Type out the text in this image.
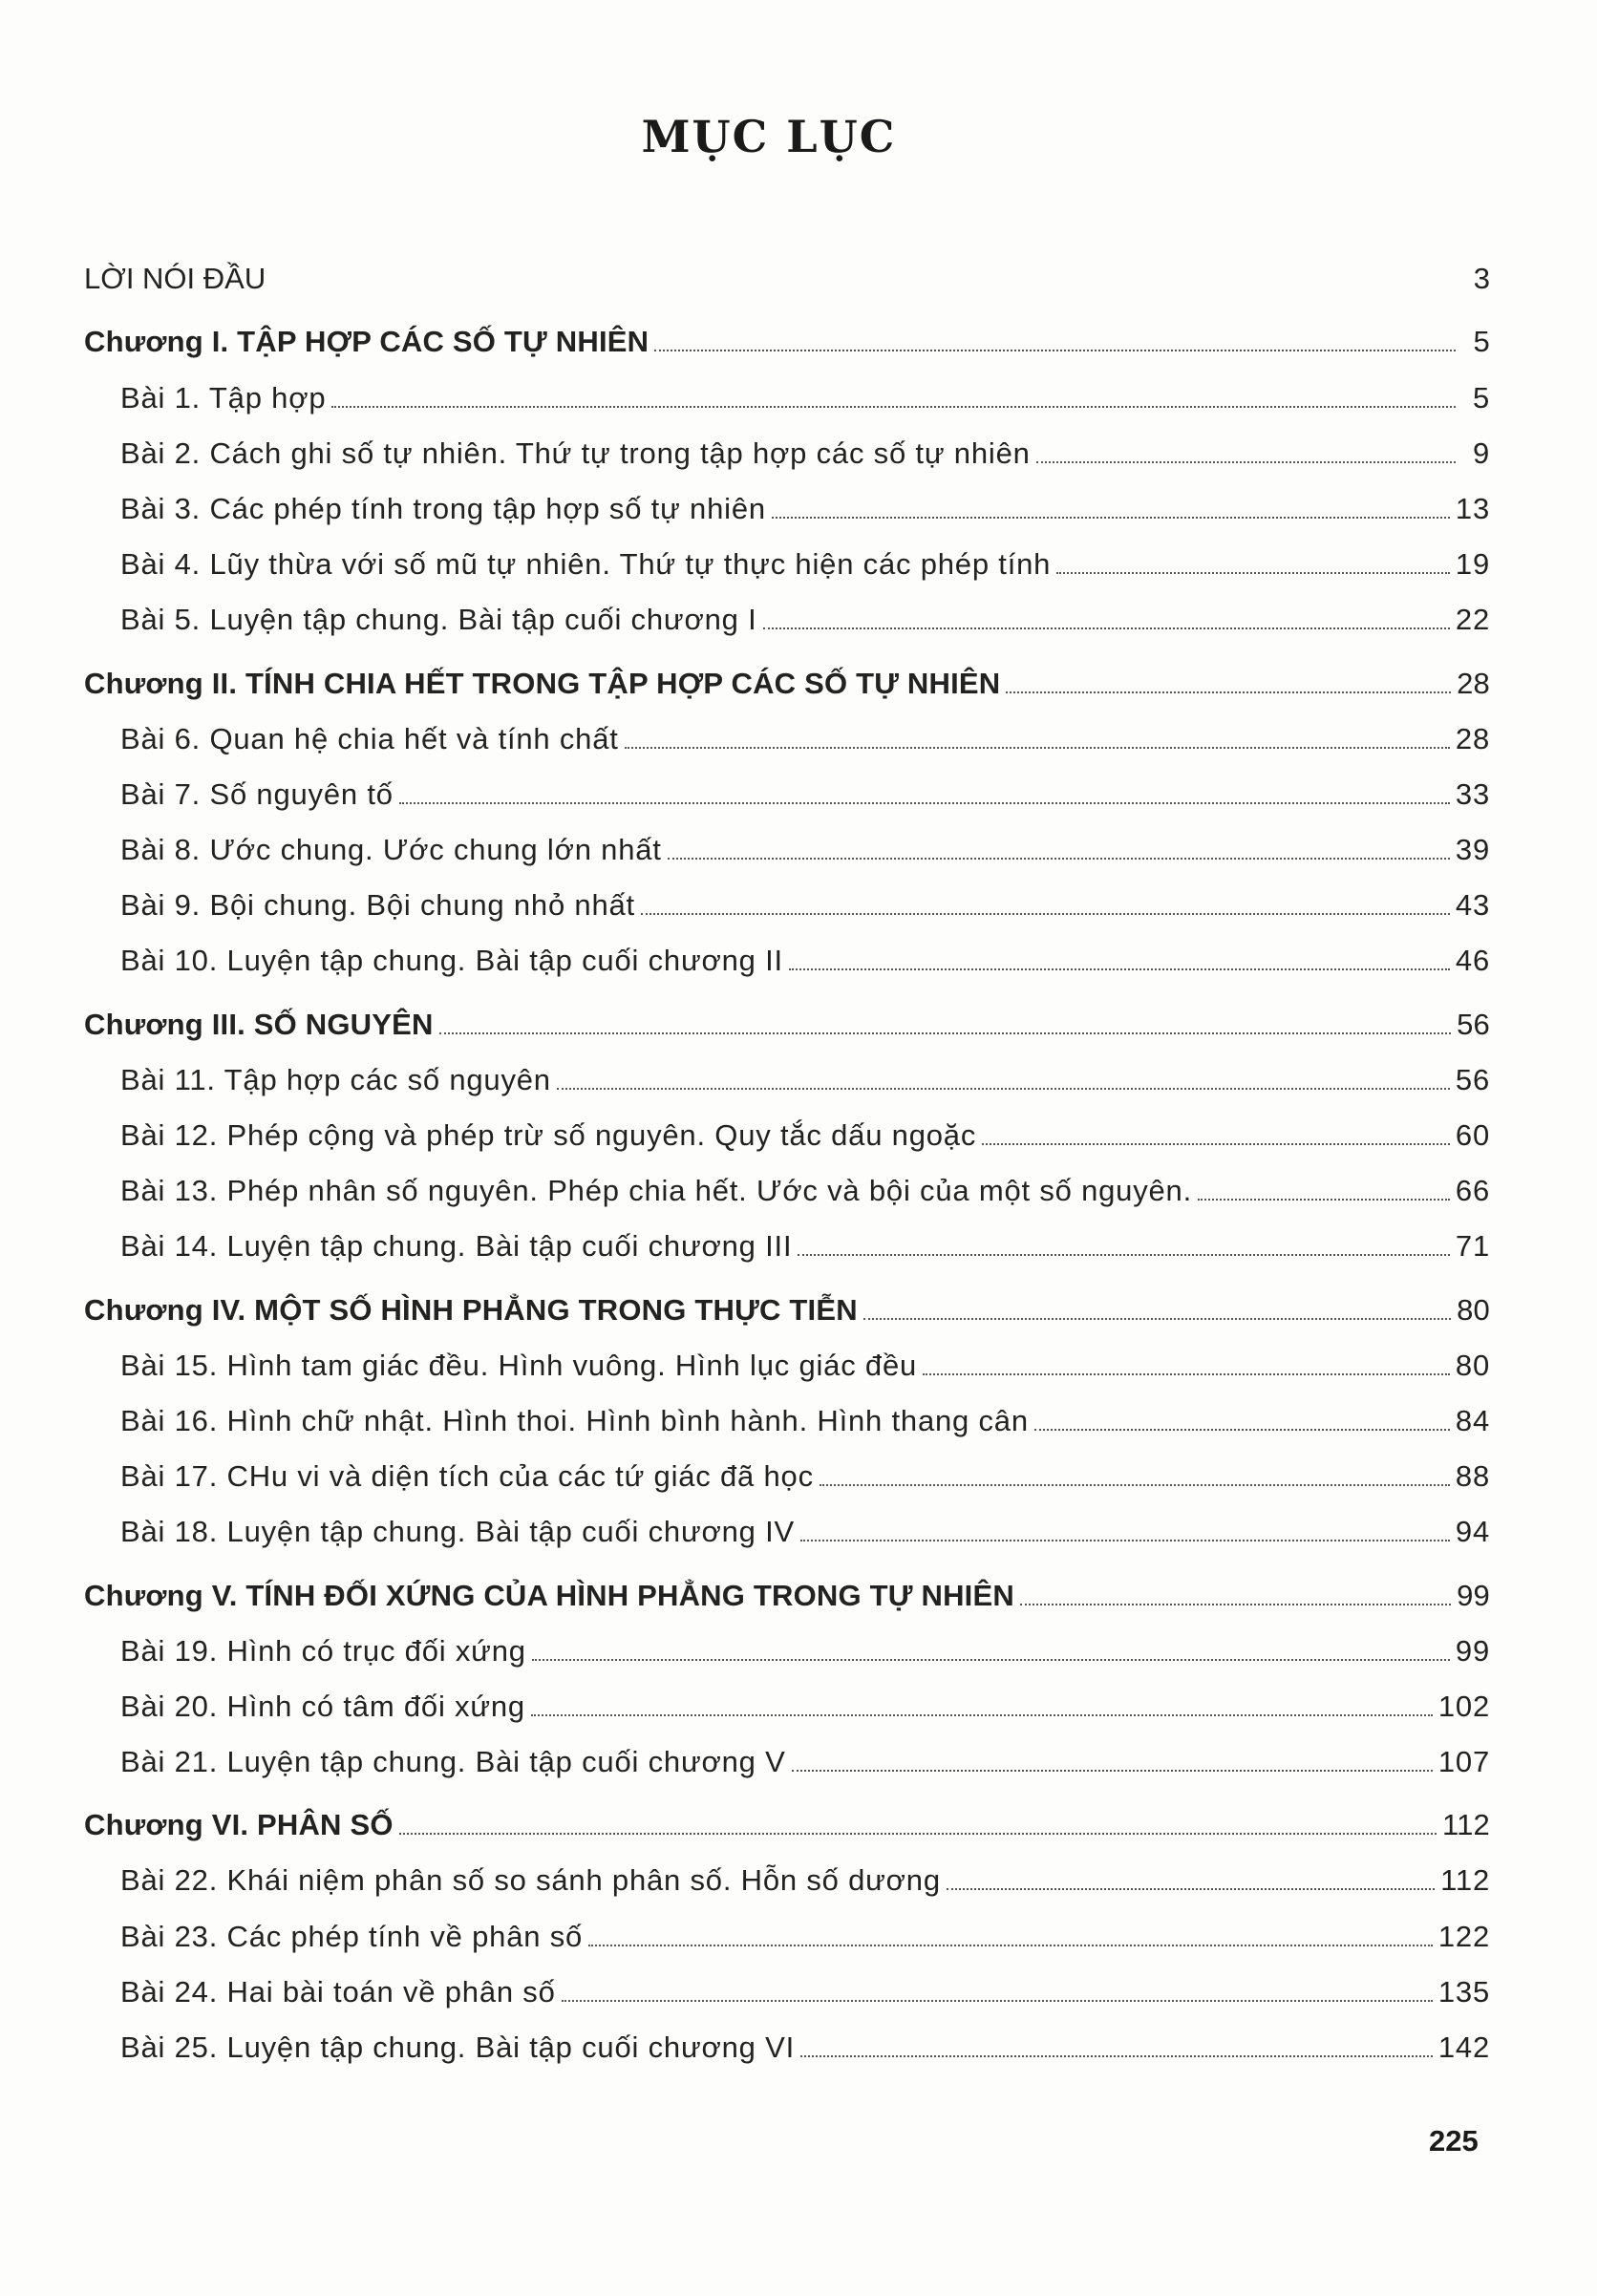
MỤC LỤC
LỜI NÓI ĐẦU	3
Chương I. TẬP HỢP CÁC SỐ TỰ NHIÊN	5
Bài 1. Tập hợp	5
Bài 2. Cách ghi số tự nhiên. Thứ tự trong tập hợp các số tự nhiên	9
Bài 3. Các phép tính trong tập hợp số tự nhiên	13
Bài 4. Lũy thừa với số mũ tự nhiên. Thứ tự thực hiện các phép tính	19
Bài 5. Luyện tập chung. Bài tập cuối chương I	22
Chương II. TÍNH CHIA HẾT TRONG TẬP HỢP CÁC SỐ TỰ NHIÊN	28
Bài 6. Quan hệ chia hết và tính chất	28
Bài 7. Số nguyên tố	33
Bài 8. Ước chung. Ước chung lớn nhất	39
Bài 9. Bội chung. Bội chung nhỏ nhất	43
Bài 10. Luyện tập chung. Bài tập cuối chương II	46
Chương III. SỐ NGUYÊN	56
Bài 11. Tập hợp các số nguyên	56
Bài 12. Phép cộng và phép trừ số nguyên. Quy tắc dấu ngoặc	60
Bài 13. Phép nhân số nguyên. Phép chia hết. Ước và bội của một số nguyên.	66
Bài 14. Luyện tập chung. Bài tập cuối chương III	71
Chương IV. MỘT SỐ HÌNH PHẲNG TRONG THỰC TIỄN	80
Bài 15. Hình tam giác đều. Hình vuông. Hình lục giác đều	80
Bài 16. Hình chữ nhật. Hình thoi. Hình bình hành. Hình thang cân	84
Bài 17. CHu vi và diện tích của các tứ giác đã học	88
Bài 18. Luyện tập chung. Bài tập cuối chương IV	94
Chương V. TÍNH ĐỐI XỨNG CỦA HÌNH PHẲNG TRONG TỰ NHIÊN	99
Bài 19. Hình có trục đối xứng	99
Bài 20. Hình có tâm đối xứng	102
Bài 21. Luyện tập chung. Bài tập cuối chương V	107
Chương VI. PHÂN SỐ	112
Bài 22. Khái niệm phân số so sánh phân số. Hỗn số dương	112
Bài 23. Các phép tính về phân số	122
Bài 24. Hai bài toán về phân số	135
Bài 25. Luyện tập chung. Bài tập cuối chương VI	142
225
